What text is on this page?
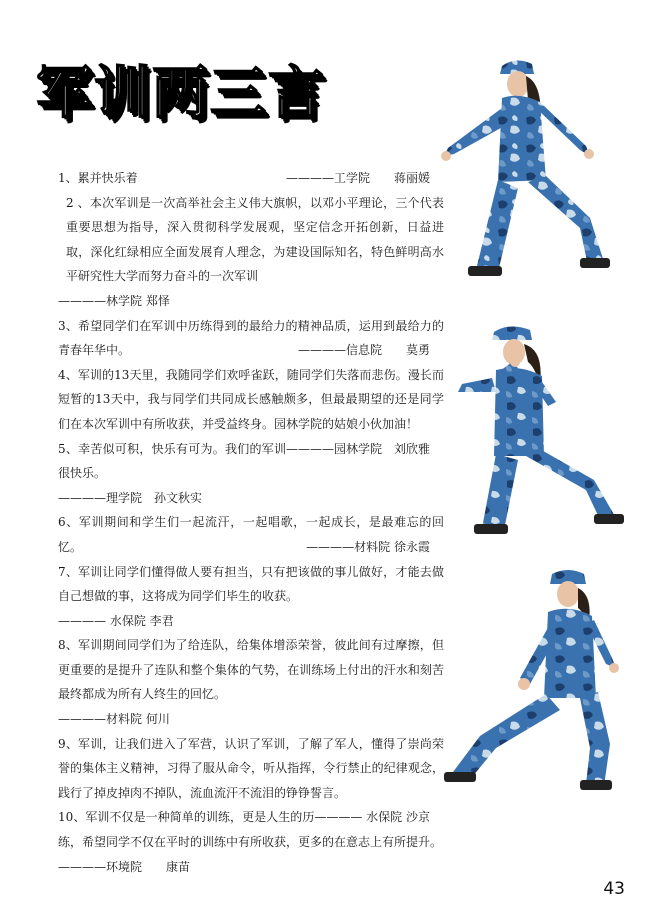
军训两三言

1、累并快乐着	————工学院　　蒋丽媛

2 、本次军训是一次高举社会主义伟大旗帜，以邓小平理论，三个代表重要思想为指导，深入贯彻科学发展观，坚定信念开拓创新，日益进取，深化红绿相应全面发展育人理念，为建设国际知名，特色鲜明高水平研究性大学而努力奋斗的一次军训

————林学院 郑怿

3、希望同学们在军训中历练得到的最给力的精神品质，运用到最给力的青春年华中。	————信息院　　莫勇

4、军训的13天里，我随同学们欢呼雀跃，随同学们失落而悲伤。漫长而短暂的13天中，我与同学们共同成长感触颇多，但最最期望的还是同学们在本次军训中有所收获，并受益终身。园林学院的姑娘小伙加油！
————园林学院　刘欣雅

5、幸苦似可积，快乐有可为。我们的军训很快乐。

————理学院　孙文秋实

6、军训期间和学生们一起流汗，一起唱歌，一起成长，是最难忘的回忆。	————材料院 徐永霞

7、军训让同学们懂得做人要有担当，只有把该做的事儿做好，才能去做自己想做的事，这将成为同学们毕生的收获。

———— 水保院 李君

8、军训期间同学们为了给连队，给集体增添荣誉，彼此间有过摩擦，但更重要的是提升了连队和整个集体的气势，在训练场上付出的汗水和刻苦最终都成为所有人终生的回忆。

————材料院 何川

9、军训，让我们进入了军营，认识了军训，了解了军人，懂得了崇尚荣誉的集体主义精神，习得了服从命令，听从指挥，令行禁止的纪律观念，践行了掉皮掉肉不掉队，流血流汗不流泪的铮铮誓言。
———— 水保院 沙京

10、军训不仅是一种简单的训练，更是人生的历练，希望同学不仅在平时的训练中有所收获，更多的在意志上有所提升。

————环境院　　康苗

43
